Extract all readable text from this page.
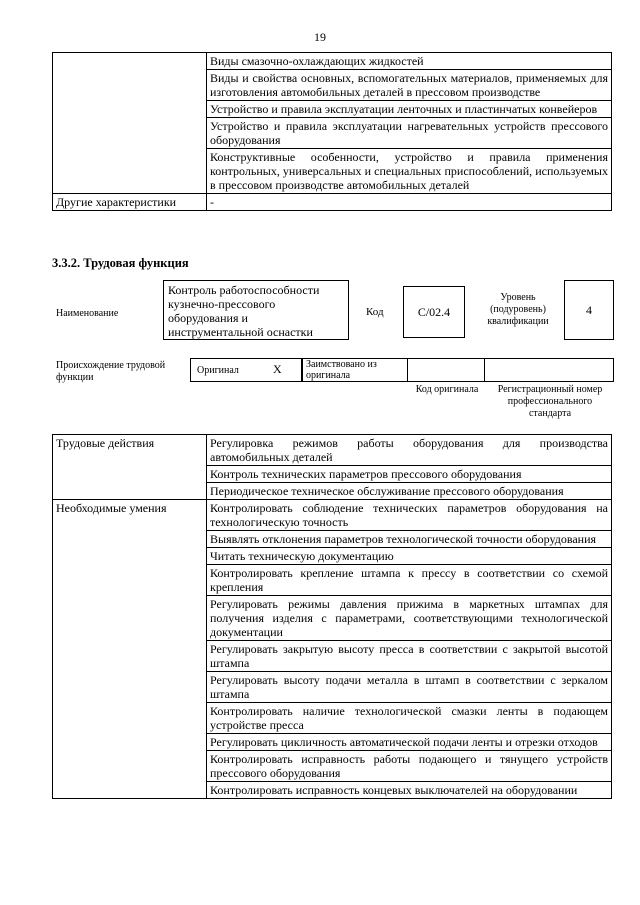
19
	Виды смазочно-охлаждающих жидкостей
	Виды и свойства основных, вспомогательных материалов, применяемых для изготовления автомобильных деталей в прессовом производстве
	Устройство и правила эксплуатации ленточных и пластинчатых конвейеров
	Устройство и правила эксплуатации нагревательных устройств прессового оборудования
	Конструктивные особенности, устройство и правила применения контрольных, универсальных и специальных приспособлений, используемых в прессовом производстве автомобильных деталей
Другие характеристики	-
3.3.2. Трудовая функция
Наименование
Контроль работоспособности кузнечно-прессового оборудования и инструментальной оснастки
Код	C/02.4
Уровень (подуровень) квалификации
4
Происхождение трудовой функции
Оригинал	X Заимствовано из оригинала
Код оригинала	Регистрационный номер профессионального стандарта
Трудовые действия	Регулировка режимов работы оборудования для производства автомобильных деталей
	Контроль технических параметров прессового оборудования
	Периодическое техническое обслуживание прессового оборудования
Необходимые умения	Контролировать соблюдение технических параметров оборудования на технологическую точность
	Выявлять отклонения параметров технологической точности оборудования
	Читать техническую документацию
	Контролировать крепление штампа к прессу в соответствии со схемой крепления
	Регулировать режимы давления прижима в маркетных штампах для получения изделия с параметрами, соответствующими технологической документации
	Регулировать закрытую высоту пресса в соответствии с закрытой высотой штампа
	Регулировать высоту подачи металла в штамп в соответствии с зеркалом штампа
	Контролировать наличие технологической смазки ленты в подающем устройстве пресса
	Регулировать цикличность автоматической подачи ленты и отрезки отходов
	Контролировать исправность работы подающего и тянущего устройств прессового оборудования
	Контролировать исправность концевых выключателей на оборудовании
